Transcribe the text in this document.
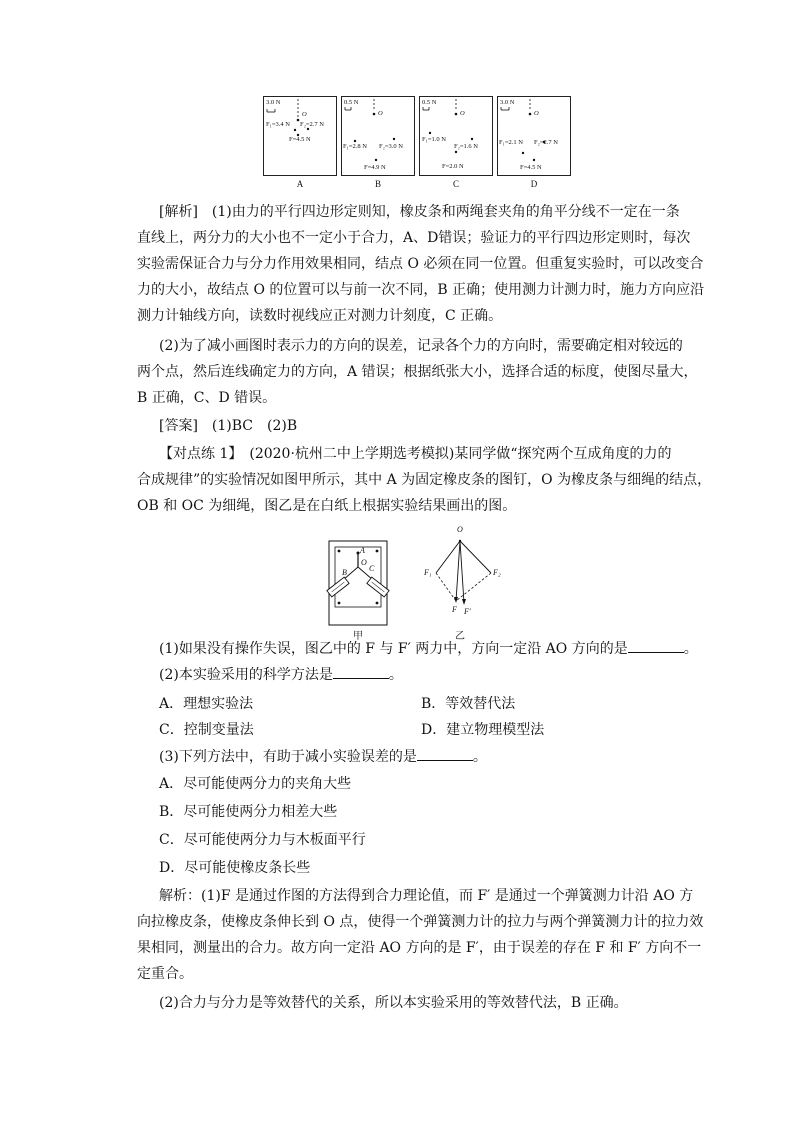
3.0 N
O
F₁=3.4 N F₂=2.7 N
F=4.5 N
0.5 N
O
F₁=2.8 N F₂=3.0 N
F=4.9 N
0.5 N
O
F₁=1.0 N
F₂=1.6 N
F=2.0 N
3.0 N
O
F₁=2.1 N F₂=2.7 N
F=4.5 N
A	B	C	D
[解析]　(1)由力的平行四边形定则知，橡皮条和两绳套夹角的角平分线不一定在一条
直线上，两分力的大小也不一定小于合力，A、D错误；验证力的平行四边形定则时，每次
实验需保证合力与分力作用效果相同，结点 O 必须在同一位置。但重复实验时，可以改变合
力的大小，故结点 O 的位置可以与前一次不同，B 正确；使用测力计测力时，施力方向应沿
测力计轴线方向，读数时视线应正对测力计刻度，C 正确。
(2)为了减小画图时表示力的方向的误差，记录各个力的方向时，需要确定相对较远的
两个点，然后连线确定力的方向，A 错误；根据纸张大小，选择合适的标度，使图尽量大，
B 正确，C、D 错误。
[答案]　(1)BC　(2)B
【对点练 1】　(2020·杭州二中上学期选考模拟)某同学做“探究两个互成角度的力的
合成规律”的实验情况如图甲所示，其中 A 为固定橡皮条的图钉，O 为橡皮条与细绳的结点，
OB 和 OC 为细绳，图乙是在白纸上根据实验结果画出的图。
A
O
B	C
甲
O
F₁	F₂
F F′
乙
(1)如果没有操作失误，图乙中的 F 与 F′ 两力中，方向一定沿 AO 方向的是	。
(2)本实验采用的科学方法是	。
A．理想实验法	B．等效替代法
C．控制变量法	D．建立物理模型法
(3)下列方法中，有助于减小实验误差的是	。
A．尽可能使两分力的夹角大些
B．尽可能使两分力相差大些
C．尽可能使两分力与木板面平行
D．尽可能使橡皮条长些
解析：(1)F 是通过作图的方法得到合力理论值，而 F′ 是通过一个弹簧测力计沿 AO 方
向拉橡皮条，使橡皮条伸长到 O 点，使得一个弹簧测力计的拉力与两个弹簧测力计的拉力效
果相同，测量出的合力。故方向一定沿 AO 方向的是 F′，由于误差的存在 F 和 F′ 方向不一
定重合。
(2)合力与分力是等效替代的关系，所以本实验采用的等效替代法，B 正确。
